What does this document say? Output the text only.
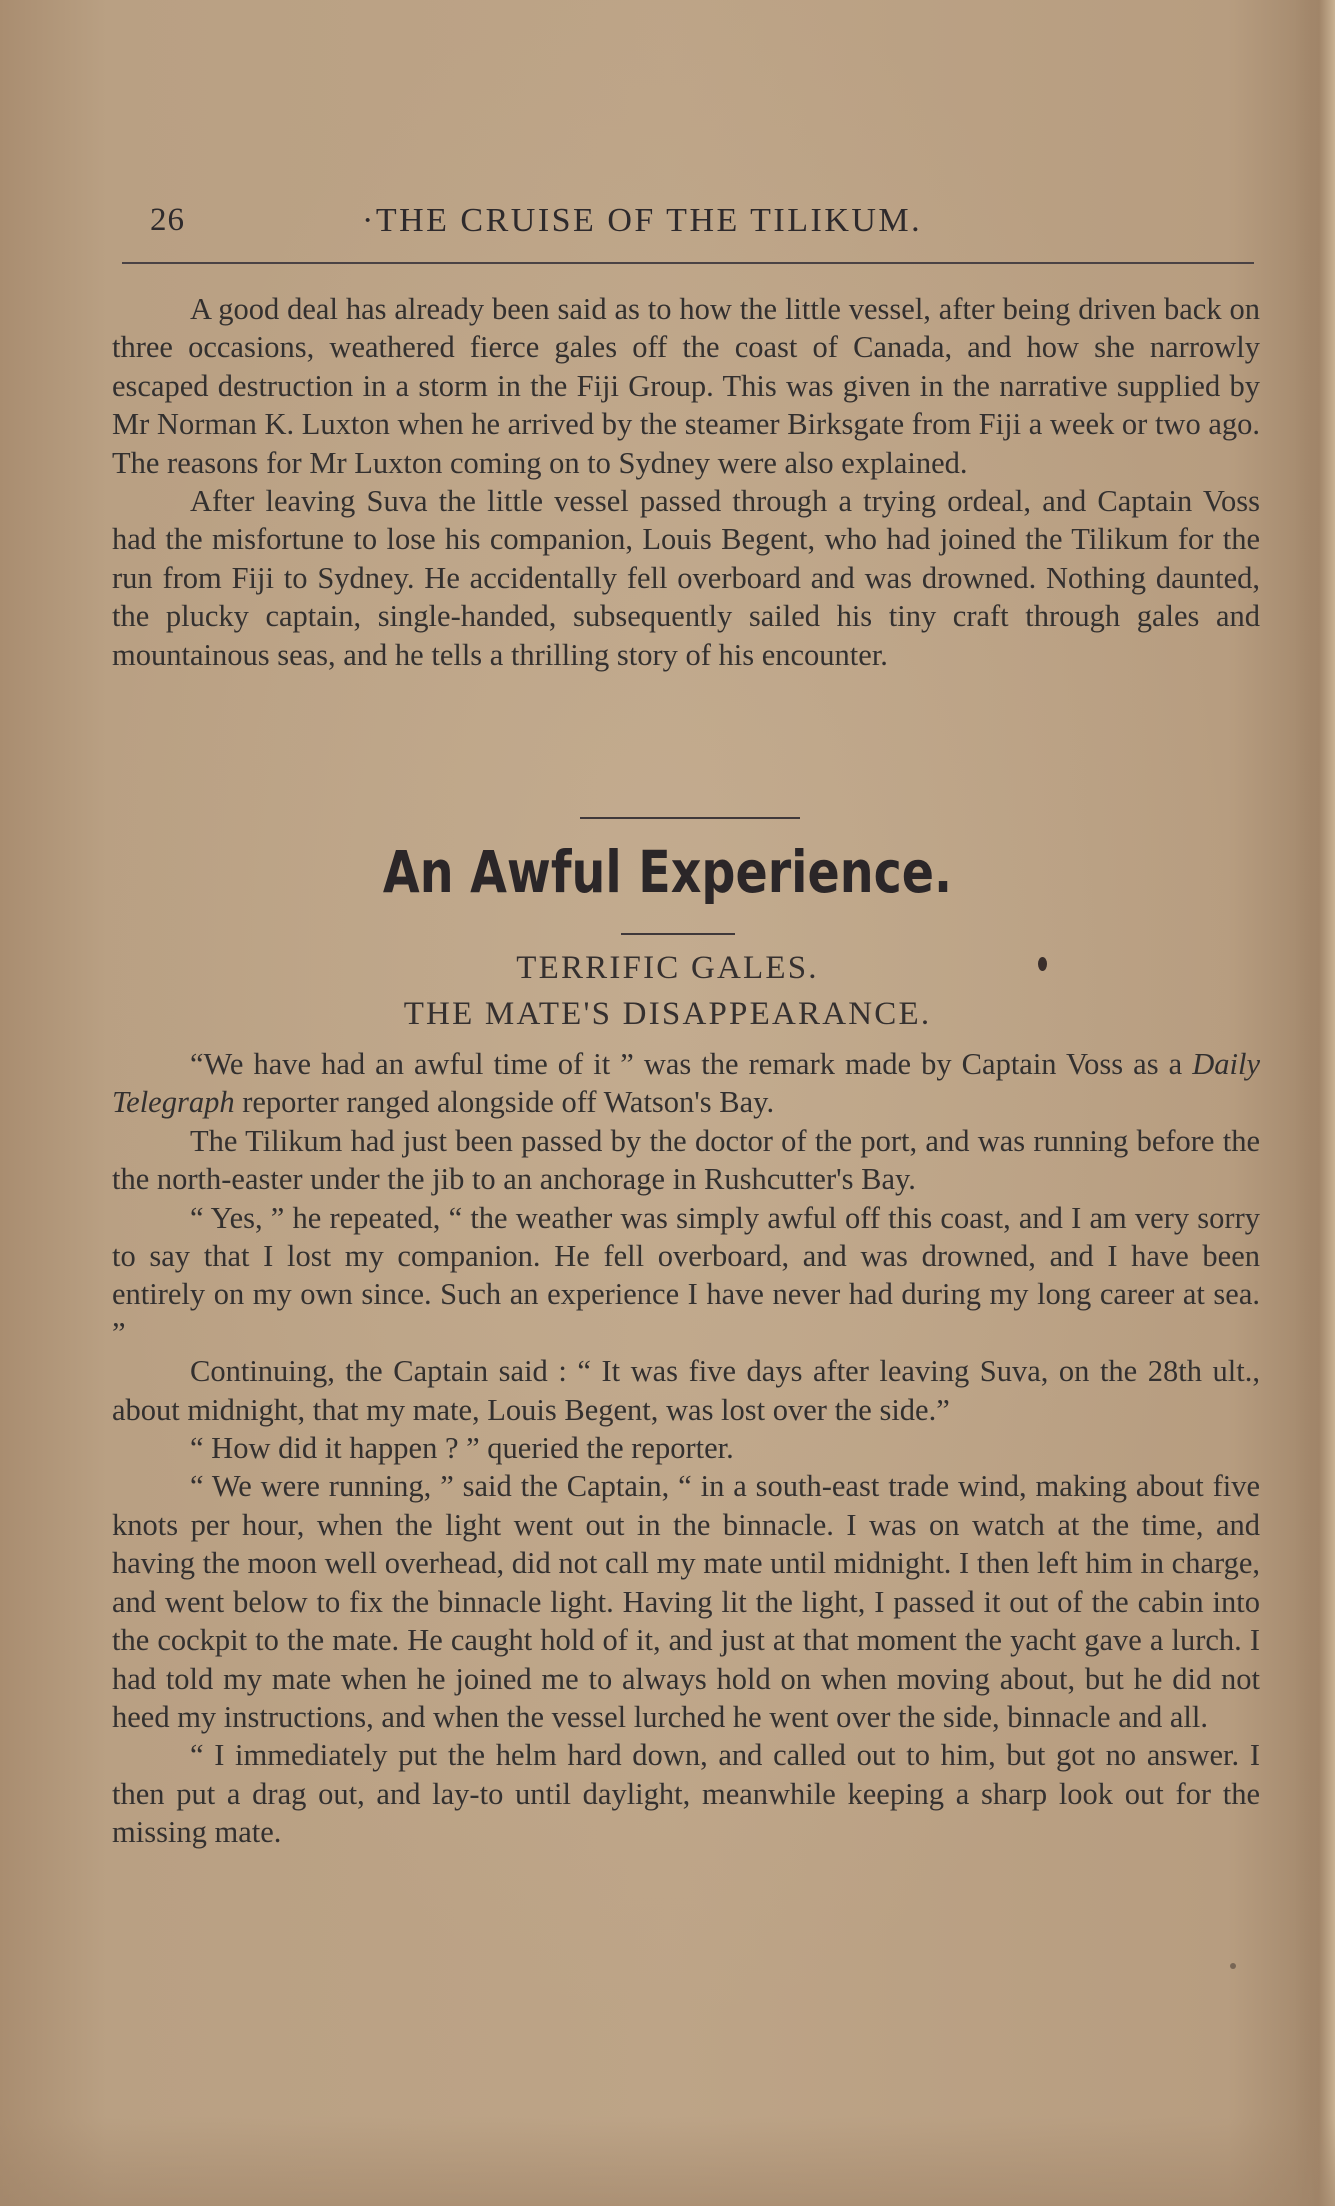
26	·THE CRUISE OF THE TILIKUM.

A good deal has already been said as to how the little vessel, after being driven back on three occasions, weathered fierce gales off the coast of Canada, and how she narrowly escaped destruction in a storm in the Fiji Group. This was given in the narrative supplied by Mr Norman K. Luxton when he arrived by the steamer Birksgate from Fiji a week or two ago. The reasons for Mr Luxton coming on to Sydney were also explained.

After leaving Suva the little vessel passed through a trying ordeal, and Captain Voss had the misfortune to lose his companion, Louis Begent, who had joined the Tilikum for the run from Fiji to Sydney. He accidentally fell overboard and was drowned. Nothing daunted, the plucky captain, single-handed, subsequently sailed his tiny craft through gales and mountainous seas, and he tells a thrilling story of his encounter.

An Awful Experience.
TERRIFIC GALES.
THE MATE'S DISAPPEARANCE.

“We have had an awful time of it ” was the remark made by Captain Voss as a Daily Telegraph reporter ranged alongside off Watson's Bay.

The Tilikum had just been passed by the doctor of the port, and was running before the the north-easter under the jib to an anchorage in Rushcutter's Bay.

“ Yes, ” he repeated, “ the weather was simply awful off this coast, and I am very sorry to say that I lost my companion. He fell overboard, and was drowned, and I have been entirely on my own since. Such an experience I have never had during my long career at sea. ”

Continuing, the Captain said : “ It was five days after leaving Suva, on the 28th ult., about midnight, that my mate, Louis Begent, was lost over the side.”

“ How did it happen ? ” queried the reporter.

“ We were running, ” said the Captain, “ in a south-east trade wind, making about five knots per hour, when the light went out in the binnacle. I was on watch at the time, and having the moon well overhead, did not call my mate until midnight. I then left him in charge, and went below to fix the binnacle light. Having lit the light, I passed it out of the cabin into the cockpit to the mate. He caught hold of it, and just at that moment the yacht gave a lurch. I had told my mate when he joined me to always hold on when moving about, but he did not heed my instructions, and when the vessel lurched he went over the side, binnacle and all.

“ I immediately put the helm hard down, and called out to him, but got no answer. I then put a drag out, and lay-to until daylight, meanwhile keeping a sharp look out for the missing mate.
